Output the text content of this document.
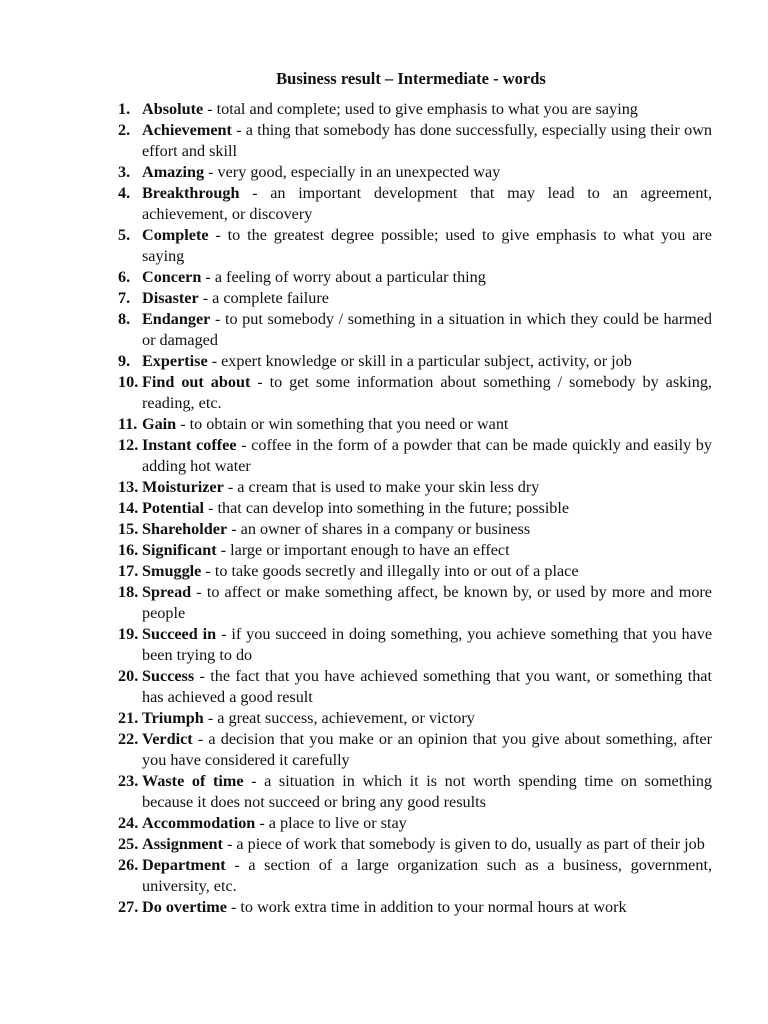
Business result – Intermediate - words
1. Absolute - total and complete; used to give emphasis to what you are saying
2. Achievement - a thing that somebody has done successfully, especially using their own effort and skill
3. Amazing - very good, especially in an unexpected way
4. Breakthrough - an important development that may lead to an agreement, achievement, or discovery
5. Complete - to the greatest degree possible; used to give emphasis to what you are saying
6. Concern - a feeling of worry about a particular thing
7. Disaster - a complete failure
8. Endanger - to put somebody / something in a situation in which they could be harmed or damaged
9. Expertise - expert knowledge or skill in a particular subject, activity, or job
10. Find out about - to get some information about something / somebody by asking, reading, etc.
11. Gain - to obtain or win something that you need or want
12. Instant coffee - coffee in the form of a powder that can be made quickly and easily by adding hot water
13. Moisturizer - a cream that is used to make your skin less dry
14. Potential - that can develop into something in the future; possible
15. Shareholder - an owner of shares in a company or business
16. Significant - large or important enough to have an effect
17. Smuggle - to take goods secretly and illegally into or out of a place
18. Spread - to affect or make something affect, be known by, or used by more and more people
19. Succeed in - if you succeed in doing something, you achieve something that you have been trying to do
20. Success - the fact that you have achieved something that you want, or something that has achieved a good result
21. Triumph - a great success, achievement, or victory
22. Verdict - a decision that you make or an opinion that you give about something, after you have considered it carefully
23. Waste of time - a situation in which it is not worth spending time on something because it does not succeed or bring any good results
24. Accommodation - a place to live or stay
25. Assignment - a piece of work that somebody is given to do, usually as part of their job
26. Department - a section of a large organization such as a business, government, university, etc.
27. Do overtime - to work extra time in addition to your normal hours at work
